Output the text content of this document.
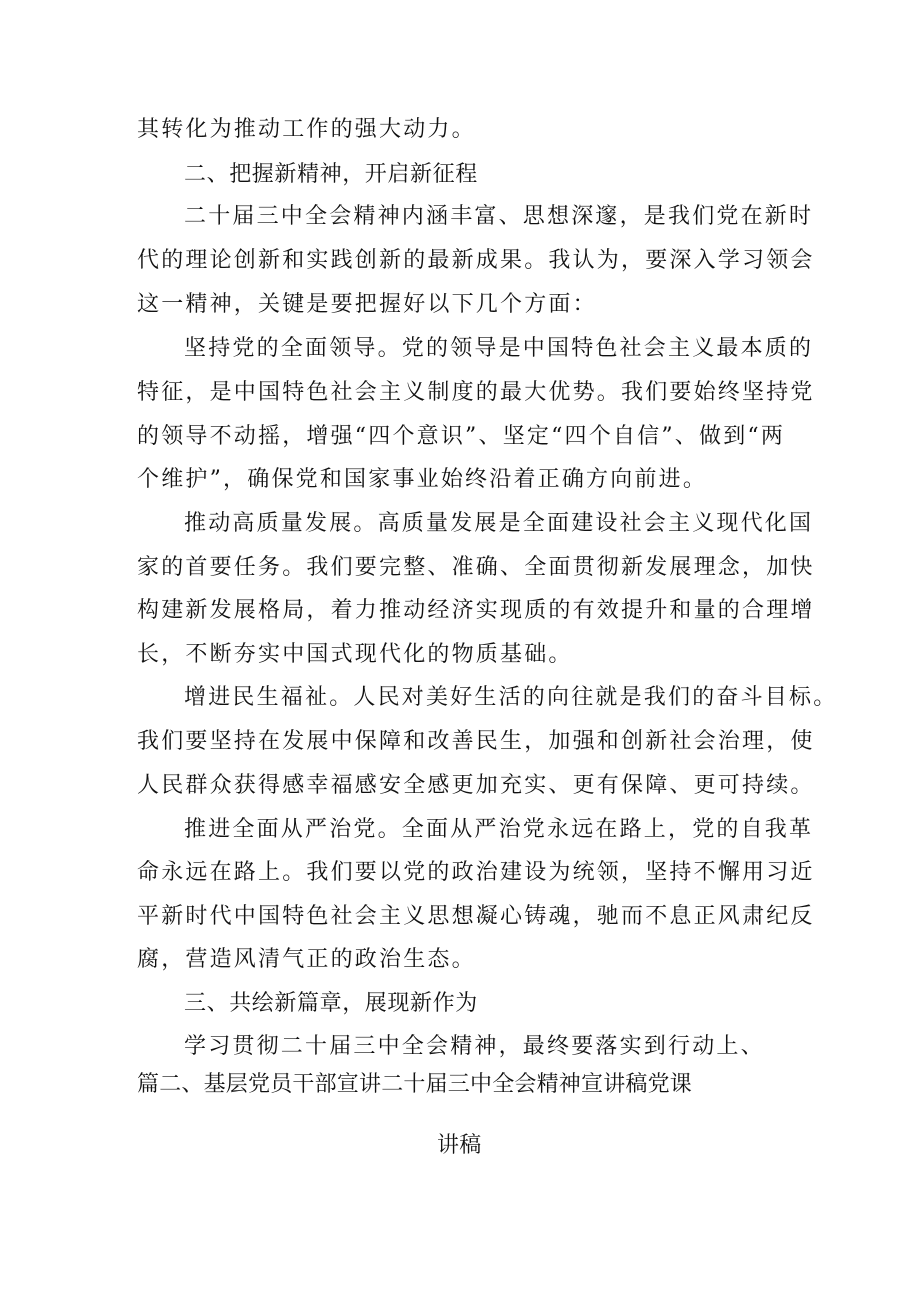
其转化为推动工作的强大动力。
二、把握新精神，开启新征程
二十届三中全会精神内涵丰富、思想深邃，是我们党在新时
代的理论创新和实践创新的最新成果。我认为，要深入学习领会
这一精神，关键是要把握好以下几个方面：
坚持党的全面领导。党的领导是中国特色社会主义最本质的
特征，是中国特色社会主义制度的最大优势。我们要始终坚持党
的领导不动摇，增强“四个意识”、坚定“四个自信”、做到“两
个维护”，确保党和国家事业始终沿着正确方向前进。
推动高质量发展。高质量发展是全面建设社会主义现代化国
家的首要任务。我们要完整、准确、全面贯彻新发展理念，加快
构建新发展格局，着力推动经济实现质的有效提升和量的合理增
长，不断夯实中国式现代化的物质基础。
增进民生福祉。人民对美好生活的向往就是我们的奋斗目标。
我们要坚持在发展中保障和改善民生，加强和创新社会治理，使
人民群众获得感幸福感安全感更加充实、更有保障、更可持续。
推进全面从严治党。全面从严治党永远在路上，党的自我革
命永远在路上。我们要以党的政治建设为统领，坚持不懈用习近
平新时代中国特色社会主义思想凝心铸魂，驰而不息正风肃纪反
腐，营造风清气正的政治生态。
三、共绘新篇章，展现新作为
学习贯彻二十届三中全会精神，最终要落实到行动上、
篇二、基层党员干部宣讲二十届三中全会精神宣讲稿党课
讲稿
